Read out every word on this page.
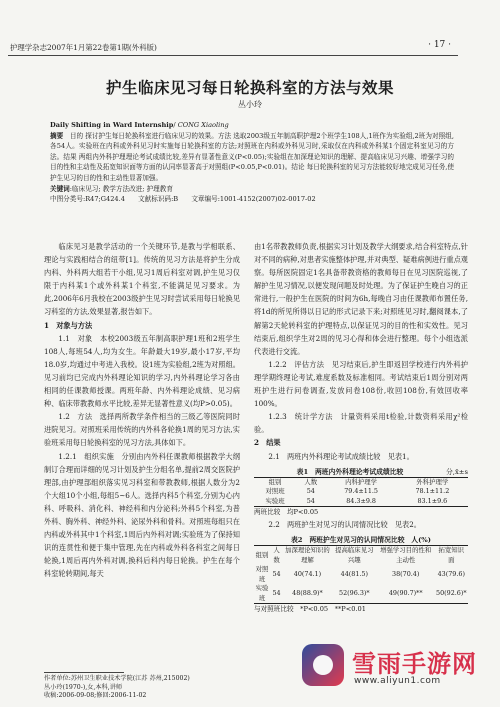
护理学杂志2007年1月第22卷第1期(外科版)	· 17 ·
护生临床见习每日轮换科室的方法与效果
丛小玲

Daily Shifting in Ward Internship/ CONG Xiaoling

摘要　 目的 探讨护生每日轮换科室进行临床见习的效果。方法 选取2003级五年制高职护理2个班学生108人,1班作为实验组,2班为对照组,各54人。实验班在内科或外科见习时实施每日轮换科室的方法;对照班在内科或外科见习时,采取仅在内科或外科某1个固定科室见习的方法。结果 两组内外科护理理论考试成绩比较,差异有显著性意义(P<0.05);实验组在加深理论知识的理解、提高临床见习兴趣、增强学习的目的性和主动性及拓宽知识面等方面的认同率显著高于对照组(P<0.05,P<0.01)。结论 每日轮换科室的见习方法能较好地完成见习任务,使护生见习的目的性和主动性显著加强。

关键词:临床见习; 教学方法改进; 护理教育

中图分类号:R47;G424.4　　文献标识码:B　　文章编号:1001-4152(2007)02-0017-02

临床见习是教学活动的一个关键环节,是教与学相联系、理论与实践相结合的纽带[1]。传统的见习方法是将护生分成内科、外科两大组若干小组,见习1周后科室对调,护生见习仅限于内科某1个或外科某1个科室,不能满足见习要求。为此,2006年6月我校在2003级护生见习时尝试采用每日轮换见习科室的方法,效果显著,报告如下。

1　对象与方法

1.1　对象　本校2003级五年制高职护理1班和2班学生108人,每班54人,均为女生。年龄最大19岁,最小17岁,平均18.0岁,均通过中考进入我校。设1班为实验组,2班为对照组。见习前均已完成内外科理论知识的学习,内外科理论学习各由相同的任课教师授课。两班年龄、内外科理论成绩、见习病种、临床带教教师水平比较,差异无显著性意义(均P>0.05)。

1.2　方法　选择两所教学条件相当的三级乙等医院同时进院见习。对照班采用传统的内外科各轮换1周的见习方法,实验班采用每日轮换科室的见习方法,具体如下。

1.2.1　组织实施　分别由内外科任课教师根据教学大纲制订合理而详细的见习计划及护生分组名单,提前2周交医院护理部,由护理部组织落实见习科室和带教教师,根据人数分为2个大组10个小组,每组5~6人。选择内科5个科室,分别为心内科、呼吸科、消化科、神经科和内分泌科;外科5个科室,为普外科、胸外科、神经外科、泌尿外科和骨科。对照班每组只在内科或外科其中1个科室,1周后内外科对调;实验班为了保持知识的连贯性和便于集中管理,先在内科或外科各科室之间每日轮换,1周后再内外科对调,换科后科内每日轮换。护生在每个科室轮转期间,每天

由1名带教教师负责,根据实习计划及教学大纲要求,结合科室特点,针对不同的病种,对患者实施整体护理,并对典型、疑难病例进行重点观察。每所医院固定1名具备带教资格的教师每日在见习医院巡视,了解护生见习情况,以便发现问题及时处理。为了保证护生晚自习的正常进行,一般护生在医院的时间为6h,每晚自习由任课教师布置任务,将1d的所见所得以日记的形式记录下来;对照班见习时,翻阅课本,了解第2天轮转科室的护理特点,以保证见习的目的性和实效性。见习结束后,组织学生对2周的见习心得和体会进行整理。每个小组选派代表进行交流。

1.2.2　评估方法　见习结束后,护生即返回学校进行内外科护理学期终理论考试,难度系数及标准相同。考试结束后1周分别对两班护生进行问卷调查,发放问卷108份,收回108份,有效回收率100%。

1.2.3　统计学方法　计量资料采用t检验,计数资料采用χ²检验。

2　结果

2.1　两班内外科理论考试成绩比较　见表1。

表1　两班内外科理论考试成绩比较	分,x̄±s
组别	人数	内科护理学	外科护理学

对照班	54	79.4±11.5	78.1±11.2
实验班	54	84.3±9.8	83.1±9.6
两班比较　均P<0.05

2.2　两班护生对见习的认同情况比较　见表2。

表2　两班护生对见习的认同情况比较　人(%)
组别	人数	加深理论知识的理解	提高临床见习兴趣	增强学习目的性和主动性	拓宽知识面

对照班	54	40(74.1)	44(81.5)	38(70.4)	43(79.6)
实验班	54	48(88.9)*	52(96.3)*	49(90.7)**	50(92.6)*
与对照班比较　*P<0.05　**P<0.01
作者单位:苏州卫生职业技术学院(江苏 苏州,215002)
丛小玲(1970-),女,本科,讲师
收稿:2006-09-08;修回:2006-11-02
雪雨手游网
www.aliyun1.com
